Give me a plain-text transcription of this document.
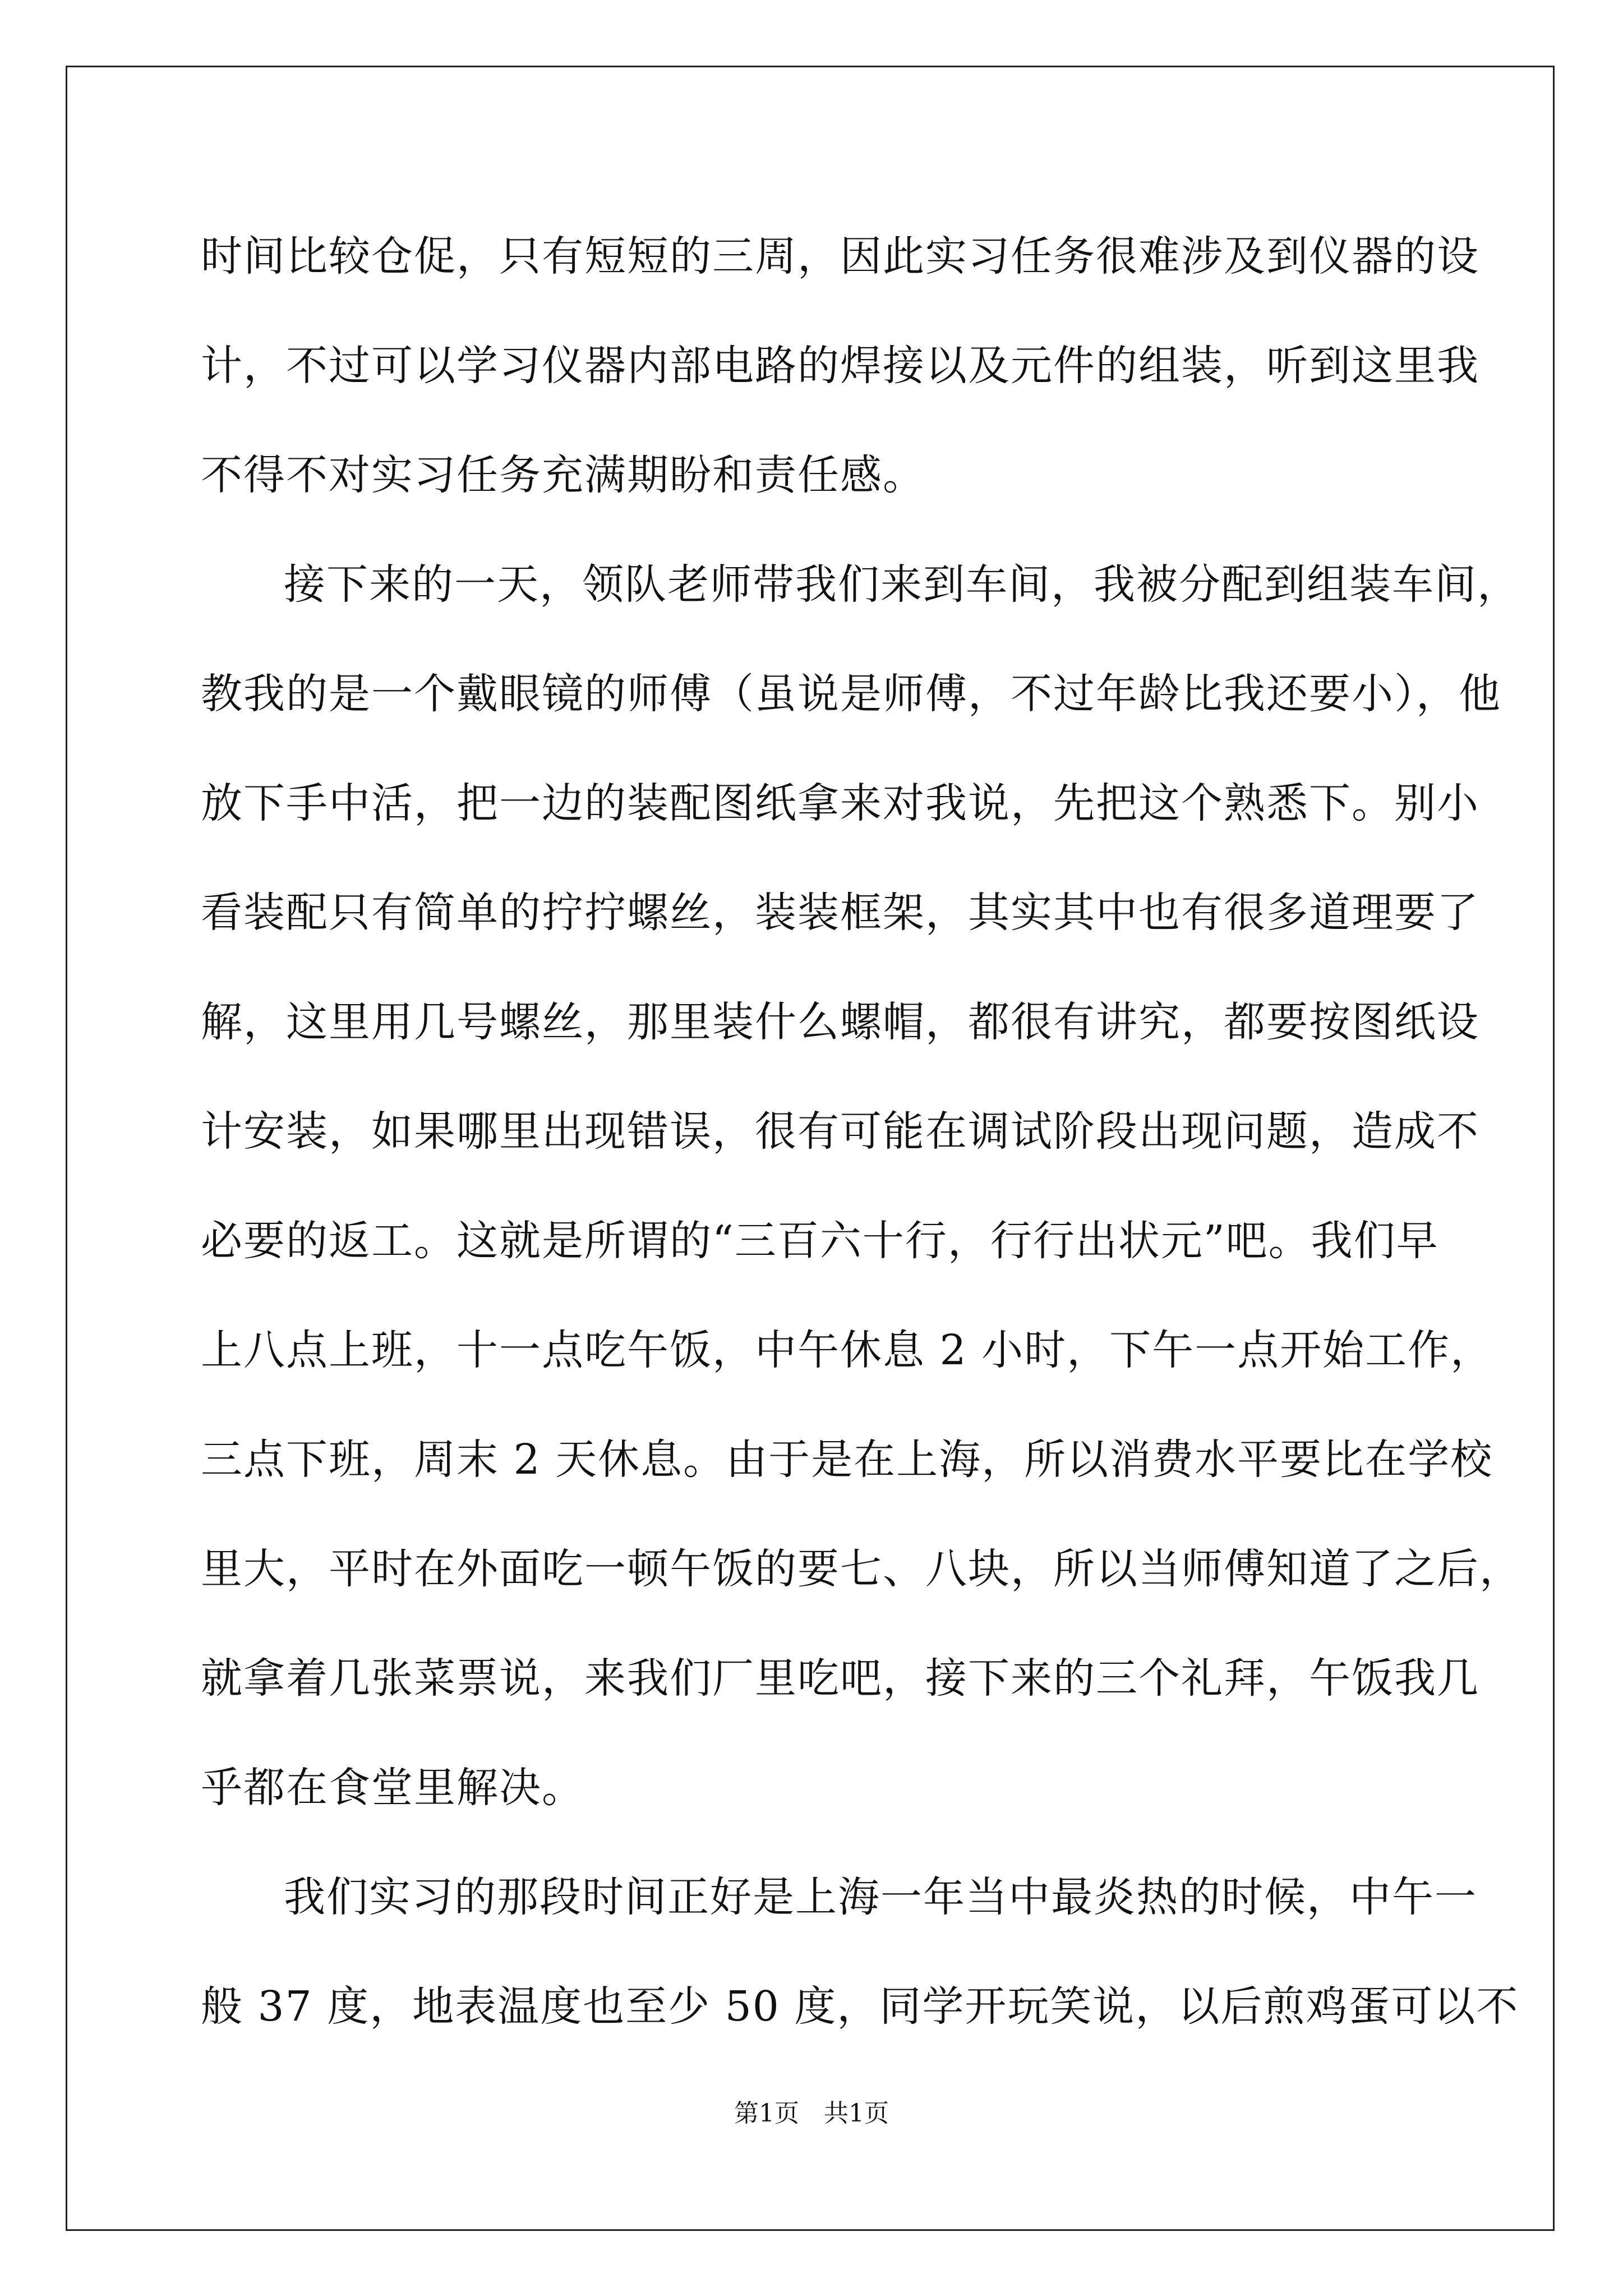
时间比较仓促，只有短短的三周，因此实习任务很难涉及到仪器的设
计，不过可以学习仪器内部电路的焊接以及元件的组装，听到这里我
不得不对实习任务充满期盼和责任感。
接下来的一天，领队老师带我们来到车间，我被分配到组装车间，
教我的是一个戴眼镜的师傅（虽说是师傅，不过年龄比我还要小），他
放下手中活，把一边的装配图纸拿来对我说，先把这个熟悉下。别小
看装配只有简单的拧拧螺丝，装装框架，其实其中也有很多道理要了
解，这里用几号螺丝，那里装什么螺帽，都很有讲究，都要按图纸设
计安装，如果哪里出现错误，很有可能在调试阶段出现问题，造成不
必要的返工。这就是所谓的“三百六十行，行行出状元”吧。我们早
上八点上班，十一点吃午饭，中午休息 2 小时，下午一点开始工作，
三点下班，周末 2 天休息。由于是在上海，所以消费水平要比在学校
里大，平时在外面吃一顿午饭的要七、八块，所以当师傅知道了之后，
就拿着几张菜票说，来我们厂里吃吧，接下来的三个礼拜，午饭我几
乎都在食堂里解决。
我们实习的那段时间正好是上海一年当中最炎热的时候，中午一
般 37 度，地表温度也至少 50 度，同学开玩笑说，以后煎鸡蛋可以不
第1页　共1页
